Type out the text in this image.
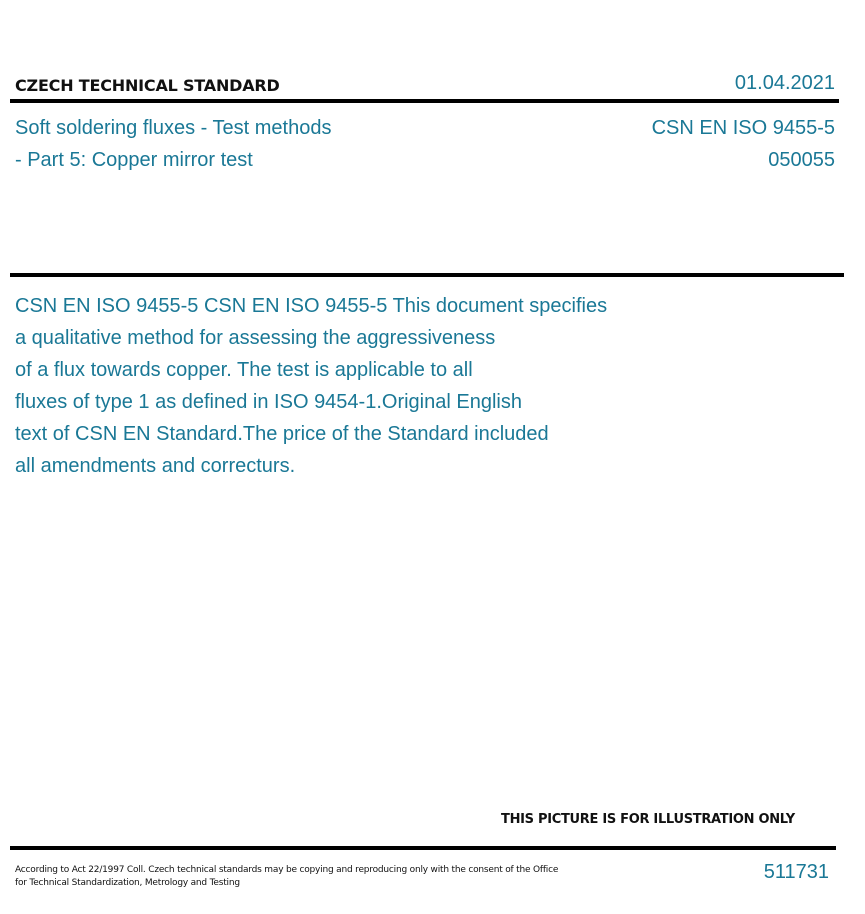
CZECH TECHNICAL STANDARD	01.04.2021
Soft soldering fluxes - Test methods
- Part 5: Copper mirror test
CSN EN ISO 9455-5
050055
CSN EN ISO 9455-5 CSN EN ISO 9455-5 This document specifies
a qualitative method for assessing the aggressiveness
of a flux towards copper. The test is applicable to all
fluxes of type 1 as defined in ISO 9454-1.Original English
text of CSN EN Standard.The price of the Standard included
all amendments and correcturs.
THIS PICTURE IS FOR ILLUSTRATION ONLY
According to Act 22/1997 Coll. Czech technical standards may be copying and reproducing only with the consent of the Office
for Technical Standardization, Metrology and Testing	511731
